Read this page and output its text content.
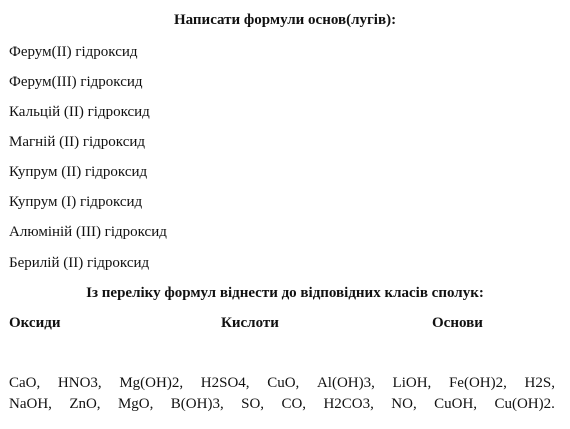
Написати формули основ(лугів):
Ферум(ІІ) гідроксид
Ферум(ІІІ) гідроксид
Кальцій (ІІ) гідроксид
Магній (ІІ) гідроксид
Купрум (ІІ) гідроксид
Купрум (І) гідроксид
Алюміній (ІІІ) гідроксид
Берилій (ІІ) гідроксид
Із переліку формул віднести до відповідних класів сполук:
Оксиди	Кислоти	Основи
CaO, HNO3, Mg(OH)2, H2SO4, CuO, Al(OH)3, LiOH, Fe(OH)2, H2S,
NaOH, ZnO, MgO, B(OH)3, SO, CO, H2CO3, NO, CuOH, Cu(OH)2.
